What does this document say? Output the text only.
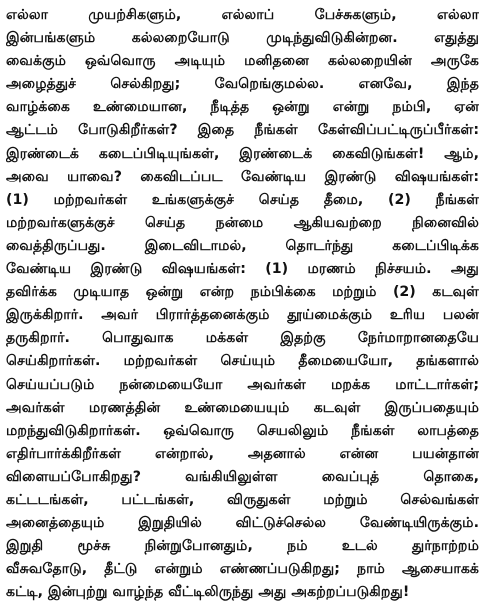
எல்லா முயற்சிகளும், எல்லாப் பேச்சுகளும், எல்லா
இன்பங்களும் கல்லறையோடு முடிந்துவிடுகின்றன. எதுத்து
வைக்கும் ஒவ்வொரு அடியும் மனிதனை கல்லறையின் அருகே
அழைத்துச் செல்கிறது; வேறெங்குமல்ல. எனவே, இந்த
வாழ்க்கை உண்மையான, நீடித்த ஒன்று என்று நம்பி, ஏன்
ஆட்டம் போடுகிறீர்கள்? இதை நீங்கள் கேள்விப்பட்டிருப்பீர்கள்:
இரண்டைக் கடைப்பிடியுங்கள், இரண்டைக் கைவிடுங்கள்! ஆம்,
அவை யாவை? கைவிடப்பட வேண்டிய இரண்டு விஷயங்கள்:
(1) மற்றவர்கள் உங்களுக்குச் செய்த தீமை, (2) நீங்கள்
மற்றவர்களுக்குச் செய்த நன்மை ஆகியவற்றை நினைவில்
வைத்திருப்பது. இடைவிடாமல், தொடர்ந்து கடைப்பிடிக்க
வேண்டிய இரண்டு விஷயங்கள்: (1) மரணம் நிச்சயம். அது
தவிர்க்க முடியாத ஒன்று என்ற நம்பிக்கை மற்றும் (2) கடவுள்
இருக்கிறார். அவர் பிரார்த்தனைக்கும் தூய்மைக்கும் உரிய பலன்
தருகிறார். பொதுவாக மக்கள் இதற்கு நேர்மாறானதையே
செய்கிறார்கள். மற்றவர்கள் செய்யும் தீமையையோ, தங்களால்
செய்யப்படும் நன்மையையோ அவர்கள் மறக்க மாட்டார்கள்;
அவர்கள் மரணத்தின் உண்மையையும் கடவுள் இருப்பதையும்
மறந்துவிடுகிறார்கள். ஒவ்வொரு செயலிலும் நீங்கள் லாபத்தை
எதிர்பார்க்கிறீர்கள் என்றால், அதனால் என்ன பயன்தான்
விளையப்போகிறது? வங்கியிலுள்ள வைப்புத் தொகை,
கட்டடங்கள், பட்டங்கள், விருதுகள் மற்றும் செல்வங்கள்
அனைத்தையும் இறுதியில் விட்டுச்செல்ல வேண்டியிருக்கும்.
இறுதி மூச்சு நின்றுபோனதும், நம் உடல் துர்நாற்றம்
வீசுவதோடு, தீட்டு என்றும் எண்ணப்படுகிறது; நாம் ஆசையாகக்
கட்டி, இன்புற்று வாழ்ந்த வீட்டிலிருந்து அது அகற்றப்படுகிறது!
